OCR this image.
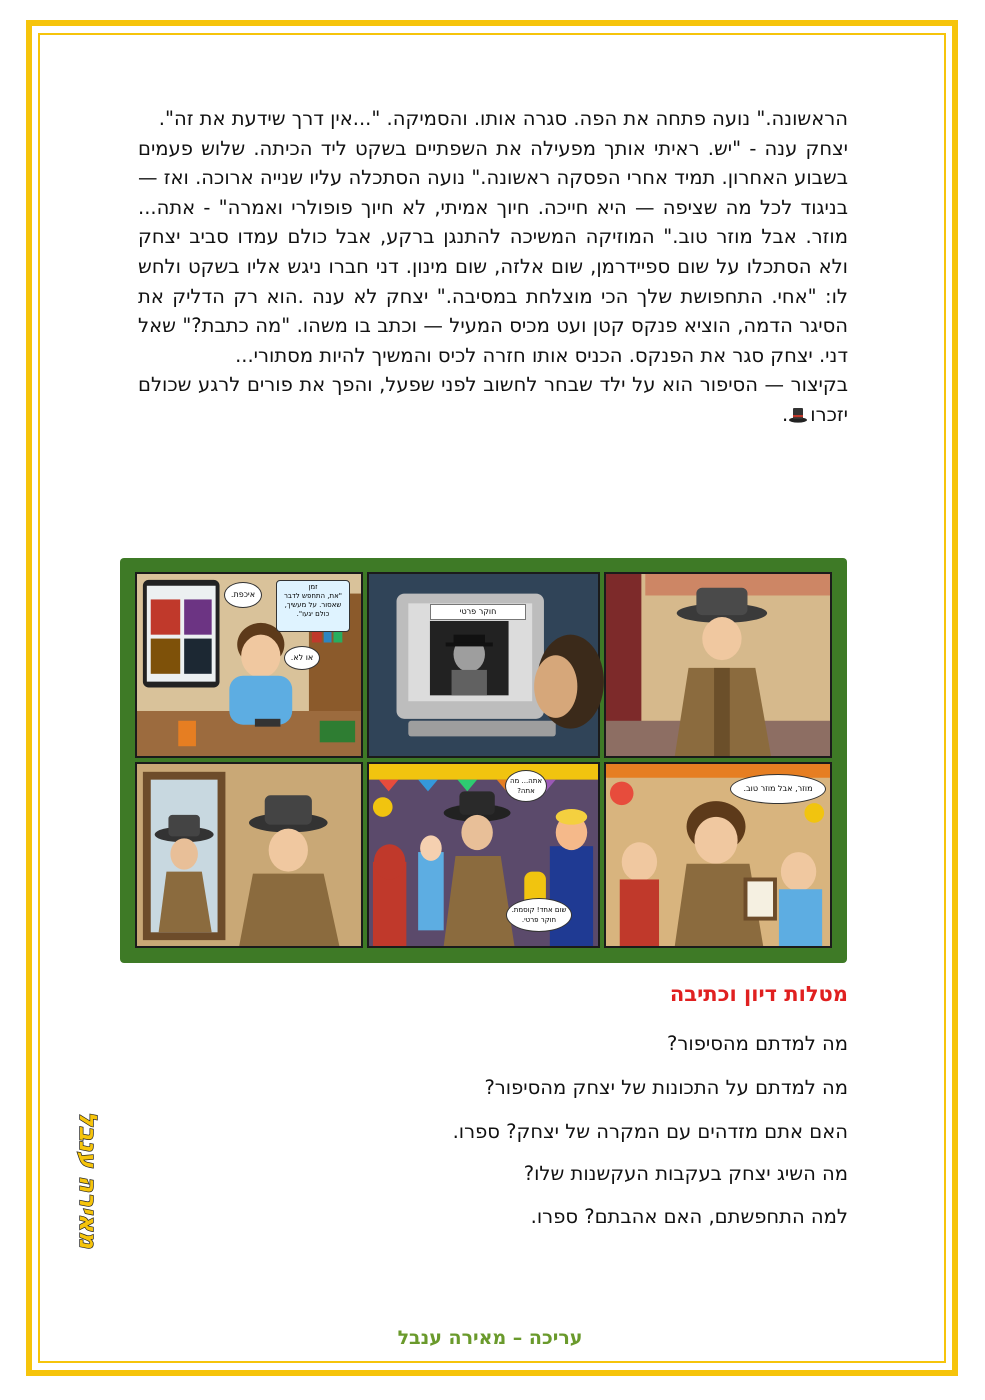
הראשונה." נועה פתחה את הפה. סגרה אותו. והסמיקה. "...אין דרך שידעת את זה".

יצחק ענה - "יש. ראיתי אותך מפעילה את השפתיים בשקט ליד הכיתה. שלוש פעמים בשבוע האחרון. תמיד אחרי הפסקה ראשונה." נועה הסתכלה עליו שנייה ארוכה. ואז —בניגוד לכל מה שציפה — היא חייכה. חיוך אמיתי, לא חיוך פופולרי ואמרה" - אתה... מוזר. אבל מוזר טוב." המוזיקה המשיכה להתנגן ברקע, אבל כולם עמדו סביב יצחק ולא הסתכלו על שום ספיידרמן, שום אלזה, שום מינון. דני חברו ניגש אליו בשקט ולחש לו: "אחי. התחפושת שלך הכי מוצלחת במסיבה." יצחק לא ענה .הוא רק הדליק את הסיגר הדמה, הוציא פנקס קטן ועט מכיס המעיל — וכתב בו משהו. "מה כתבת?" שאל דני. יצחק סגר את הפנקס. הכניס אותו חזרה לכיס והמשיך להיות מסתורי...

בקיצור — הסיפור הוא על ילד שבחר לחשוב לפני שפעל, והפך את פורים לרגע שכולם יזכרו.

זמן
"את, התחפש לדבר שאסור. על מעשיך, כולם יגעו".
איכפת.
או לא.
חוקר פרטי
אתה... מה אתה?
שום אחד! קוסמת. חוקר פרטי.
מוזר, אבל מוזר טוב.
מטלות דיון וכתיבה
מה למדתם מהסיפור?
מה למדתם על התכונות של יצחק מהסיפור?
האם אתם מזדהים עם המקרה של יצחק? ספרו.
מה השיג יצחק בעקבות העקשנות שלו?
למה התחפשתם, האם אהבתם? ספרו.
מאירה ענבל
עריכה – מאירה ענבל
